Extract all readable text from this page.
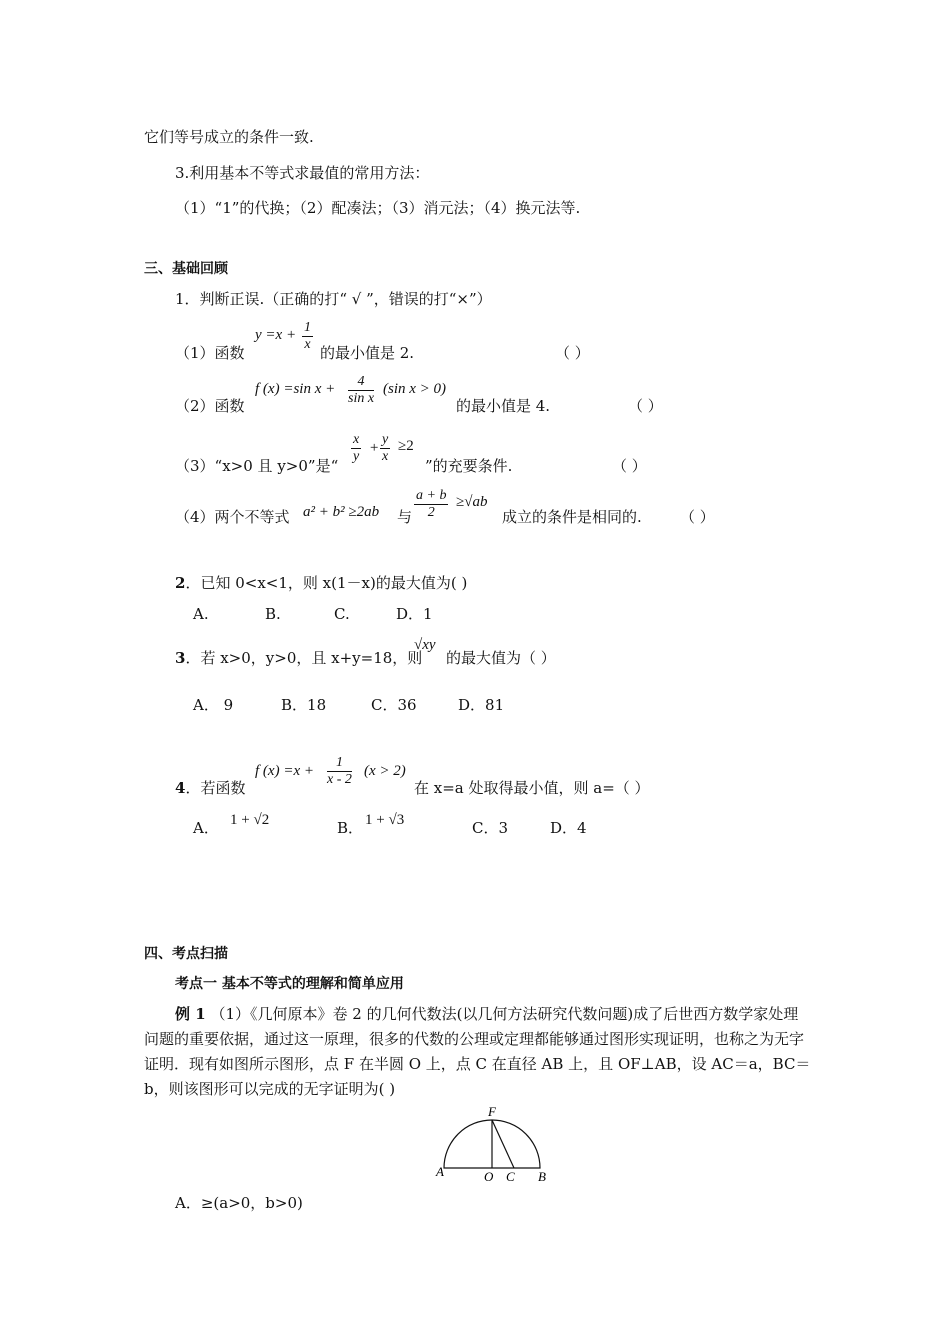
它们等号成立的条件一致.
3.利用基本不等式求最值的常用方法：
（1）“1”的代换；（2）配凑法；（3）消元法；（4）换元法等.
三、基础回顾
1．判断正误.（正确的打“ √ ”，错误的打“×”）
（1）函数
$y =x + \frac{1}{x}$ 的最小值是 2.	（ ）
（2）函数
f (x) =sin $x + \frac{4}{\text{sin x}} (\sin$ x > 0)
的最小值是 4.	（ ）
（3）“x>0 且 y>0”是“
$\frac{x}{y} + \frac{y}{x} \ge 2$
”的充要条件.	（ ）
（4）两个不等式 a² + b² ≥2ab 与 $\frac{a + b}{2} \ge√ab$
成立的条件是相同的.	（ ）
2．已知 0<x<1，则 x(1－x)的最大值为( )
A.	B.	C.	D．1
3．若 x>0，y>0，且 x+y=18，则
√xy
的最大值为（ ）
A． 9	B．18	C．36	D．81
4．若函数
f $(x) =x + \frac{1}{x - 2} (x > 2)$
在 x=a 处取得最小值，则 a=（ ）
A． 1 + √2	B． 1 + √3	C．3	D．4
四、考点扫描
考点一 基本不等式的理解和简单应用
例 1 （1）《几何原本》卷 2 的几何代数法(以几何方法研究代数问题)成了后世西方数学家处理问题的重要依据，通过这一原理，很多的代数的公理或定理都能够通过图形实现证明，也称之为无字证明．现有如图所示图形，点 F 在半圆 O 上，点 C 在直径 AB 上，且 OF⊥AB，设 AC＝a，BC＝b，则该图形可以完成的无字证明为( )
F
A	O C B
A．≥(a>0，b>0)
